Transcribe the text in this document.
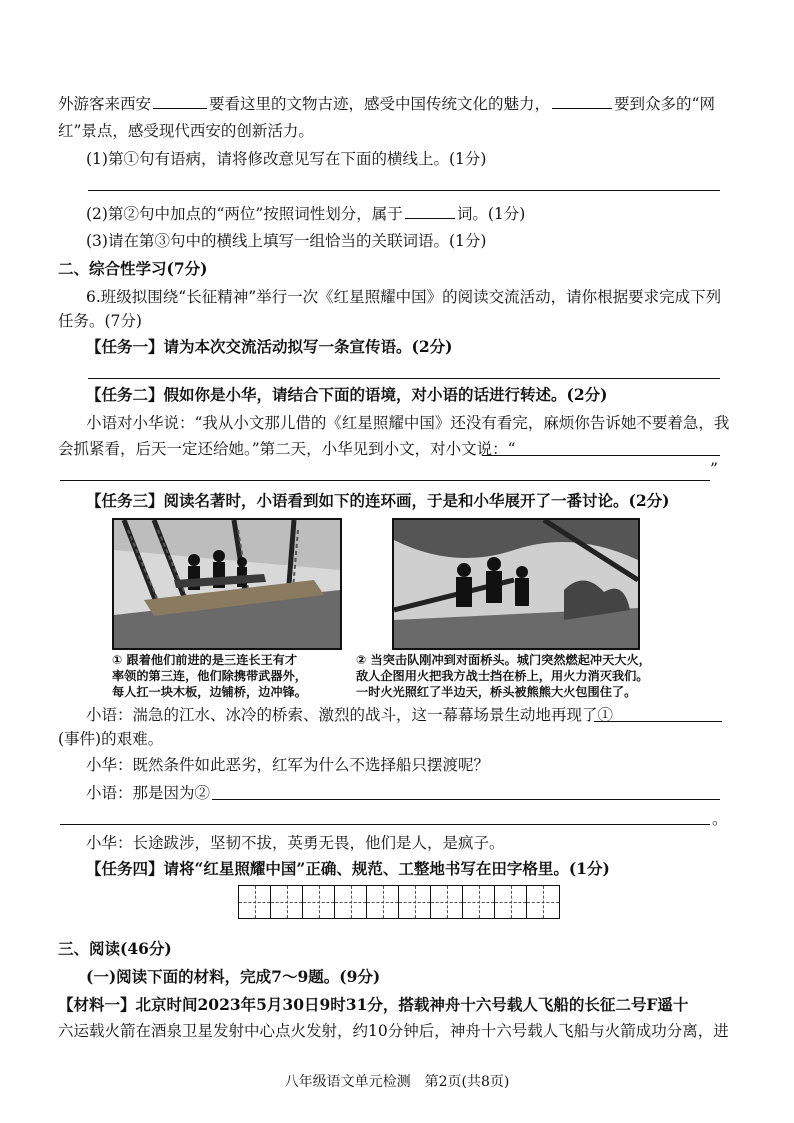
外游客来西安	要看这里的文物古迹，感受中国传统文化的魅力，	要到众多的“网
红”景点，感受现代西安的创新活力。
(1)第①句有语病，请将修改意见写在下面的横线上。(1分)
(2)第②句中加点的“两位”按照词性划分，属于	词。(1分)
(3)请在第③句中的横线上填写一组恰当的关联词语。(1分)
二、综合性学习(7分)
6.班级拟围绕“长征精神”举行一次《红星照耀中国》的阅读交流活动，请你根据要求完成下列
任务。(7分)
【任务一】请为本次交流活动拟写一条宣传语。(2分)
【任务二】假如你是小华，请结合下面的语境，对小语的话进行转述。(2分)
小语对小华说：“我从小文那儿借的《红星照耀中国》还没有看完，麻烦你告诉她不要着急，我
会抓紧看，后天一定还给她。”第二天，小华见到小文，对小文说：“
”
【任务三】阅读名著时，小语看到如下的连环画，于是和小华展开了一番讨论。(2分)
① 跟着他们前进的是三连长王有才
率领的第三连，他们除携带武器外，
每人扛一块木板，边铺桥，边冲锋。
② 当突击队刚冲到对面桥头。城门突然燃起冲天大火，
敌人企图用火把我方战士挡在桥上，用火力消灭我们。
一时火光照红了半边天，桥头被熊熊大火包围住了。
小语：湍急的江水、冰冷的桥索、激烈的战斗，这一幕幕场景生动地再现了①
(事件)的艰难。
小华：既然条件如此恶劣，红军为什么不选择船只摆渡呢？
小语：那是因为②
。
小华：长途跋涉，坚韧不拔，英勇无畏，他们是人，是疯子。
【任务四】请将“红星照耀中国”正确、规范、工整地书写在田字格里。(1分)
三、阅读(46分)
(一)阅读下面的材料，完成7～9题。(9分)
【材料一】北京时间2023年5月30日9时31分，搭载神舟十六号载人飞船的长征二号F遥十
六运载火箭在酒泉卫星发射中心点火发射，约10分钟后，神舟十六号载人飞船与火箭成功分离，进
八年级语文单元检测　第2页(共8页)
